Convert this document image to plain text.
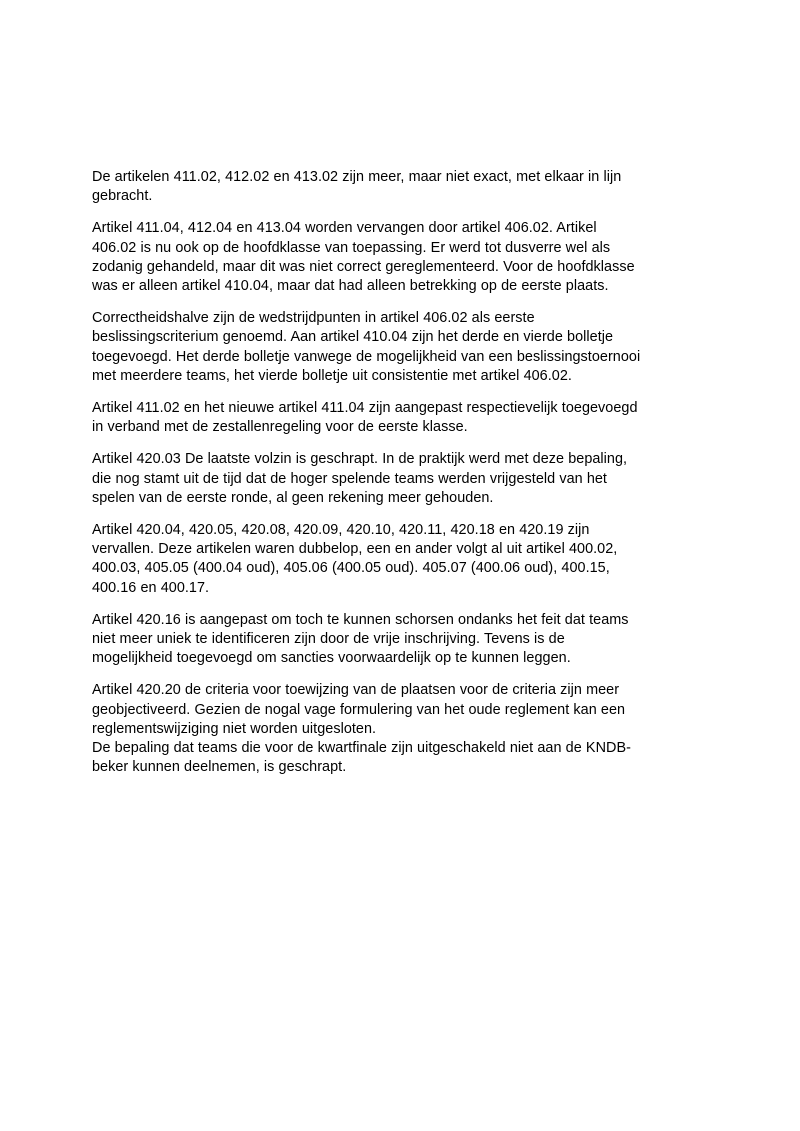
De artikelen 411.02, 412.02 en 413.02 zijn meer, maar niet exact, met elkaar in lijn
gebracht.

Artikel 411.04, 412.04 en 413.04 worden vervangen door artikel 406.02. Artikel
406.02 is nu ook op de hoofdklasse van toepassing. Er werd tot dusverre wel als
zodanig gehandeld, maar dit was niet correct gereglementeerd. Voor de hoofdklasse
was er alleen artikel 410.04, maar dat had alleen betrekking op de eerste plaats.

Correctheidshalve zijn de wedstrijdpunten in artikel 406.02 als eerste
beslissingscriterium genoemd. Aan artikel 410.04 zijn het derde en vierde bolletje
toegevoegd. Het derde bolletje vanwege de mogelijkheid van een beslissingstoernooi
met meerdere teams, het vierde bolletje uit consistentie met artikel 406.02.

Artikel 411.02 en het nieuwe artikel 411.04 zijn aangepast respectievelijk toegevoegd
in verband met de zestallenregeling voor de eerste klasse.

Artikel 420.03 De laatste volzin is geschrapt. In de praktijk werd met deze bepaling,
die nog stamt uit de tijd dat de hoger spelende teams werden vrijgesteld van het
spelen van de eerste ronde, al geen rekening meer gehouden.

Artikel 420.04, 420.05, 420.08, 420.09, 420.10, 420.11, 420.18 en 420.19 zijn
vervallen. Deze artikelen waren dubbelop, een en ander volgt al uit artikel 400.02,
400.03, 405.05 (400.04 oud), 405.06 (400.05 oud). 405.07 (400.06 oud), 400.15,
400.16 en 400.17.

Artikel 420.16 is aangepast om toch te kunnen schorsen ondanks het feit dat teams
niet meer uniek te identificeren zijn door de vrije inschrijving. Tevens is de
mogelijkheid toegevoegd om sancties voorwaardelijk op te kunnen leggen.

Artikel 420.20 de criteria voor toewijzing van de plaatsen voor de criteria zijn meer
geobjectiveerd. Gezien de nogal vage formulering van het oude reglement kan een
reglementswijziging niet worden uitgesloten.
De bepaling dat teams die voor de kwartfinale zijn uitgeschakeld niet aan de KNDB-
beker kunnen deelnemen, is geschrapt.
